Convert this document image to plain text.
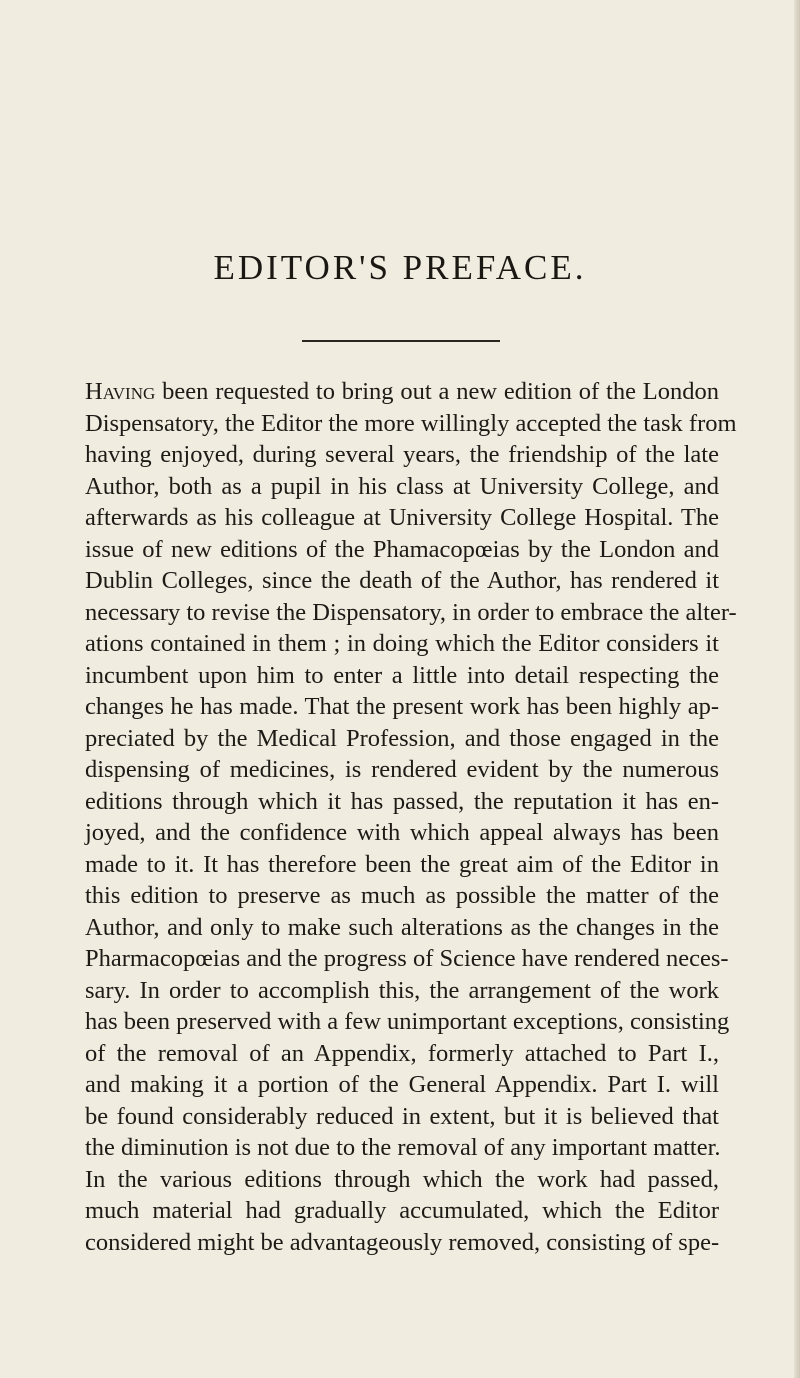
EDITOR'S PREFACE.
Having been requested to bring out a new edition of the London
Dispensatory, the Editor the more willingly accepted the task from
having enjoyed, during several years, the friendship of the late
Author, both as a pupil in his class at University College, and
afterwards as his colleague at University College Hospital. The
issue of new editions of the Phamacopœias by the London and
Dublin Colleges, since the death of the Author, has rendered it
necessary to revise the Dispensatory, in order to embrace the alter-
ations contained in them ; in doing which the Editor considers it
incumbent upon him to enter a little into detail respecting the
changes he has made. That the present work has been highly ap-
preciated by the Medical Profession, and those engaged in the
dispensing of medicines, is rendered evident by the numerous
editions through which it has passed, the reputation it has en-
joyed, and the confidence with which appeal always has been
made to it. It has therefore been the great aim of the Editor in
this edition to preserve as much as possible the matter of the
Author, and only to make such alterations as the changes in the
Pharmacopœias and the progress of Science have rendered neces-
sary. In order to accomplish this, the arrangement of the work
has been preserved with a few unimportant exceptions, consisting
of the removal of an Appendix, formerly attached to Part I.,
and making it a portion of the General Appendix. Part I. will
be found considerably reduced in extent, but it is believed that
the diminution is not due to the removal of any important matter.
In the various editions through which the work had passed,
much material had gradually accumulated, which the Editor
considered might be advantageously removed, consisting of spe-
